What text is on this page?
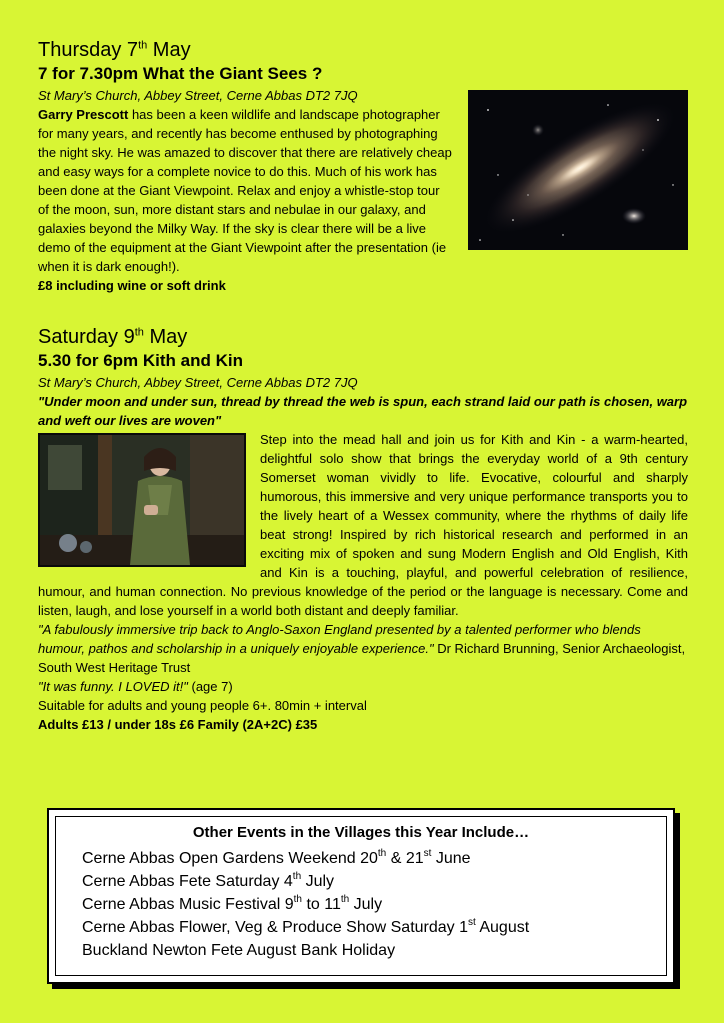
Thursday 7th May
7 for 7.30pm What the Giant Sees ?
St Mary’s Church, Abbey Street, Cerne Abbas DT2 7JQ

Garry Prescott has been a keen wildlife and landscape photographer for many years, and recently has become enthused by photographing the night sky. He was amazed to discover that there are relatively cheap and easy ways for a complete novice to do this. Much of his work has been done at the Giant Viewpoint. Relax and enjoy a whistle-stop tour of the moon, sun, more distant stars and nebulae in our galaxy, and galaxies beyond the Milky Way. If the sky is clear there will be a live demo of the equipment at the Giant Viewpoint after the presentation (ie when it is dark enough!).

£8 including wine or soft drink

Saturday 9th May
5.30 for 6pm Kith and Kin
St Mary’s Church, Abbey Street, Cerne Abbas DT2 7JQ

"Under moon and under sun, thread by thread the web is spun, each strand laid our path is chosen, warp and weft our lives are woven"

Step into the mead hall and join us for Kith and Kin - a warm-hearted, delightful solo show that brings the everyday world of a 9th century Somerset woman vividly to life. Evocative, colourful and sharply humorous, this immersive and very unique performance transports you to the lively heart of a Wessex community, where the rhythms of daily life beat strong! Inspired by rich historical research and performed in an exciting mix of spoken and sung Modern English and Old English, Kith and Kin is a touching, playful, and powerful celebration of resilience, humour, and human connection. No previous knowledge of the period or the language is necessary. Come and listen, laugh, and lose yourself in a world both distant and deeply familiar.

"A fabulously immersive trip back to Anglo-Saxon England presented by a talented performer who blends humour, pathos and scholarship in a uniquely enjoyable experience." Dr Richard Brunning, Senior Archaeologist, South West Heritage Trust

"It was funny. I LOVED it!" (age 7)

Suitable for adults and young people 6+. 80min + interval

Adults £13 / under 18s £6 Family (2A+2C) £35

Other Events in the Villages this Year Include…
Cerne Abbas Open Gardens Weekend 20th & 21st June
Cerne Abbas Fete Saturday 4th July
Cerne Abbas Music Festival 9th to 11th July
Cerne Abbas Flower, Veg & Produce Show Saturday 1st August
Buckland Newton Fete August Bank Holiday
